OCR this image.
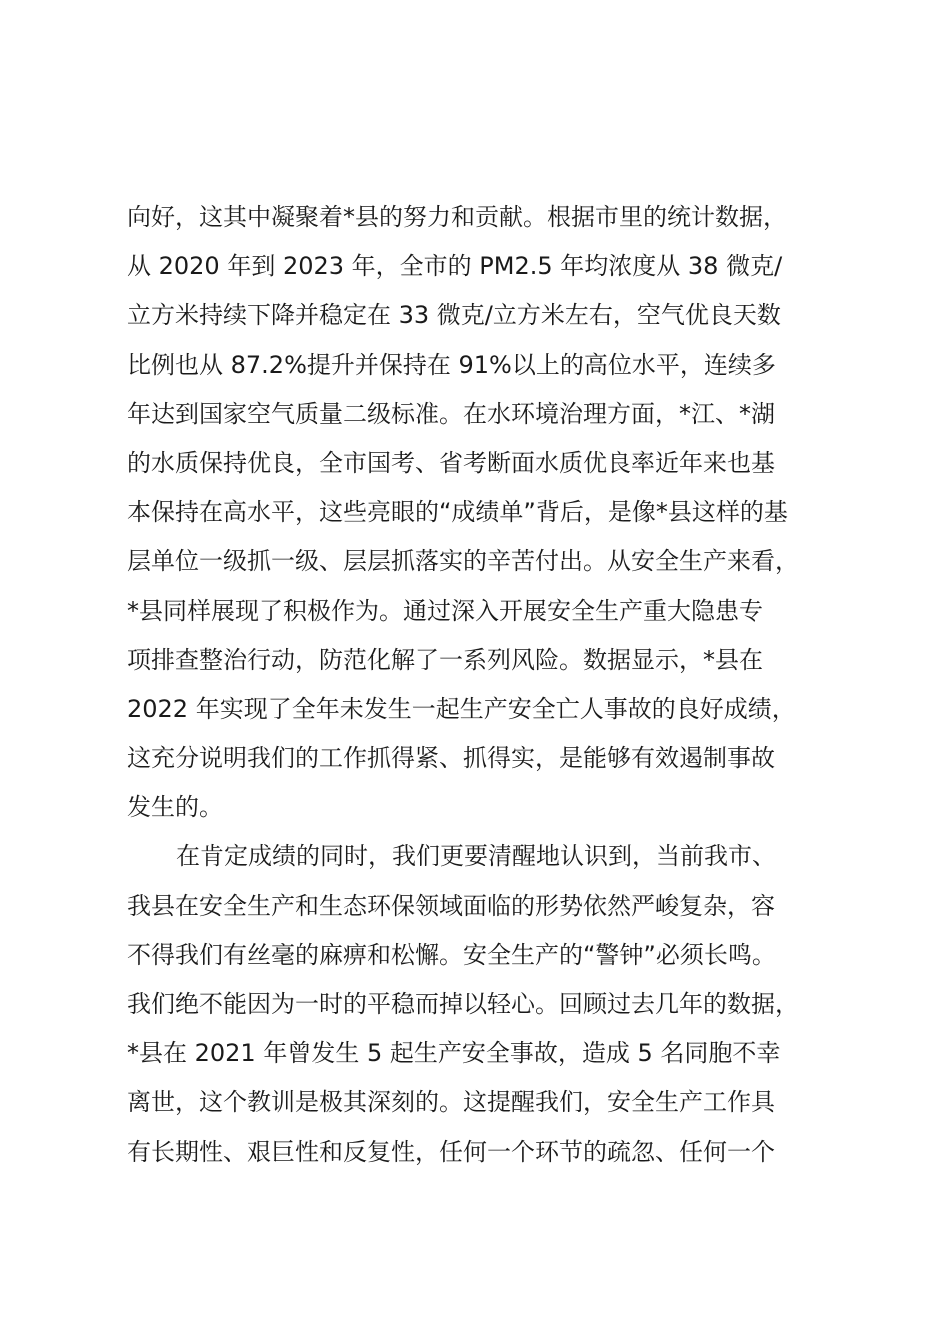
向好，这其中凝聚着*县的努力和贡献。根据市里的统计数据，
从 2020 年到 2023 年，全市的 PM2.5 年均浓度从 38 微克/
立方米持续下降并稳定在 33 微克/立方米左右，空气优良天数
比例也从 87.2%提升并保持在 91%以上的高位水平，连续多
年达到国家空气质量二级标准。在水环境治理方面，*江、*湖
的水质保持优良，全市国考、省考断面水质优良率近年来也基
本保持在高水平，这些亮眼的“成绩单”背后，是像*县这样的基
层单位一级抓一级、层层抓落实的辛苦付出。从安全生产来看，
*县同样展现了积极作为。通过深入开展安全生产重大隐患专
项排查整治行动，防范化解了一系列风险。数据显示，*县在
2022 年实现了全年未发生一起生产安全亡人事故的良好成绩，
这充分说明我们的工作抓得紧、抓得实，是能够有效遏制事故
发生的。
在肯定成绩的同时，我们更要清醒地认识到，当前我市、
我县在安全生产和生态环保领域面临的形势依然严峻复杂，容
不得我们有丝毫的麻痹和松懈。安全生产的“警钟”必须长鸣。
我们绝不能因为一时的平稳而掉以轻心。回顾过去几年的数据，
*县在 2021 年曾发生 5 起生产安全事故，造成 5 名同胞不幸
离世，这个教训是极其深刻的。这提醒我们，安全生产工作具
有长期性、艰巨性和反复性，任何一个环节的疏忽、任何一个
